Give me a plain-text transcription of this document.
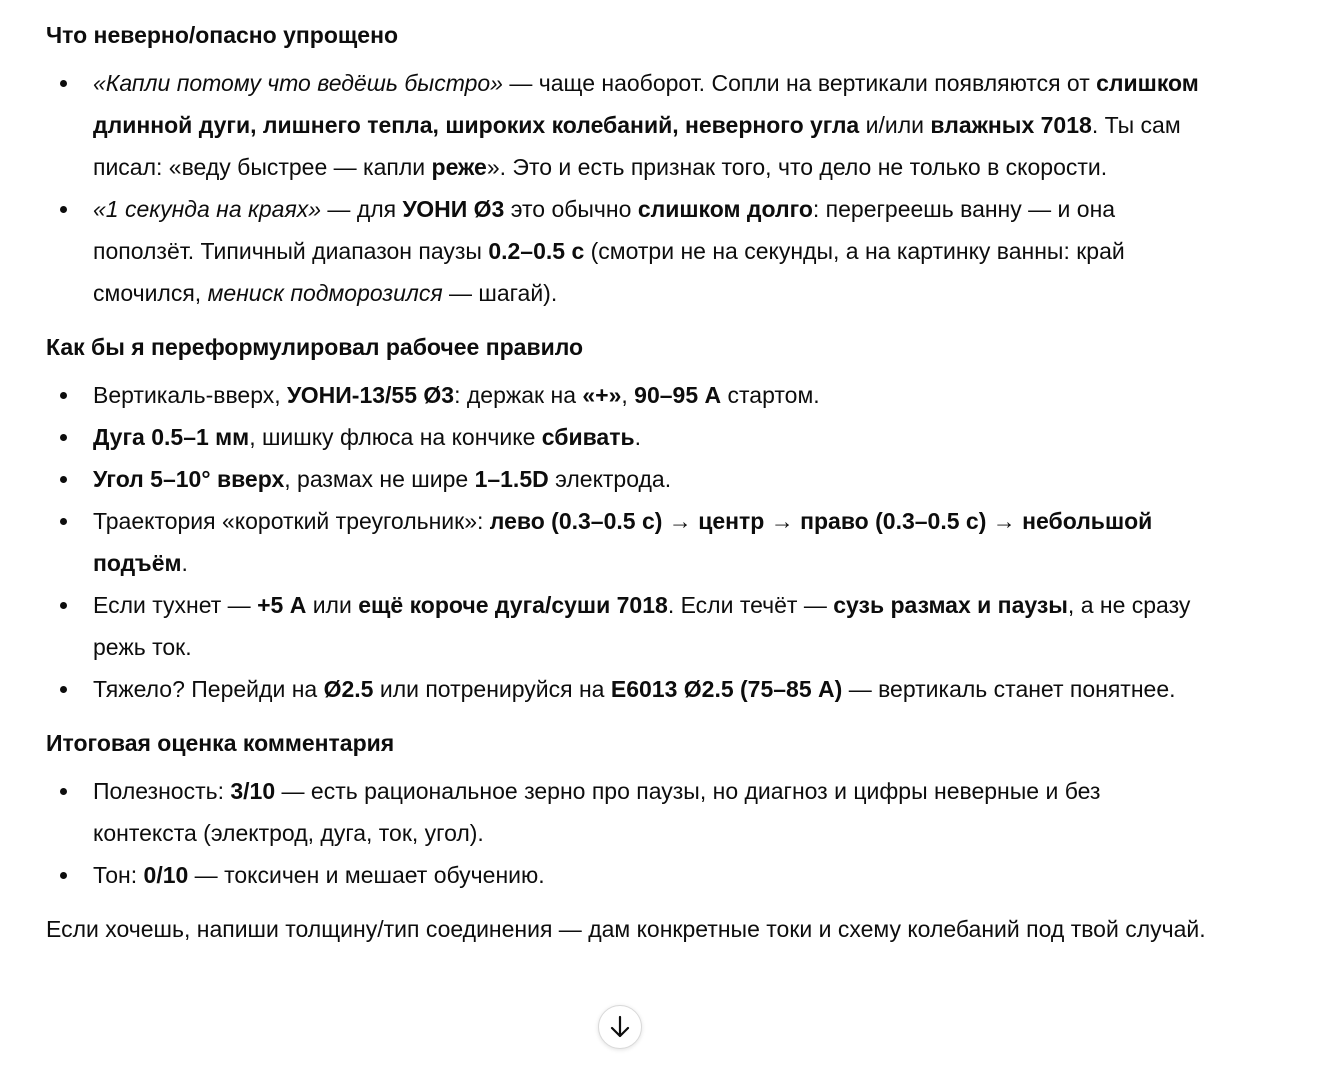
Что неверно/опасно упрощено
«Капли потому что ведёшь быстро» — чаще наоборот. Сопли на вертикали появляются от слишком длинной дуги, лишнего тепла, широких колебаний, неверного угла и/или влажных 7018. Ты сам писал: «веду быстрее — капли реже». Это и есть признак того, что дело не только в скорости.
«1 секунда на краях» — для УОНИ Ø3 это обычно слишком долго: перегреешь ванну — и она поползёт. Типичный диапазон паузы 0.2–0.5 с (смотри не на секунды, а на картинку ванны: край смочился, мениск подморозился — шагай).
Как бы я переформулировал рабочее правило
Вертикаль-вверх, УОНИ-13/55 Ø3: держак на «+», 90–95 А стартом.
Дуга 0.5–1 мм, шишку флюса на кончике сбивать.
Угол 5–10° вверх, размах не шире 1–1.5D электрода.
Траектория «короткий треугольник»: лево (0.3–0.5 с) → центр → право (0.3–0.5 с) → небольшой подъём.
Если тухнет — +5 А или ещё короче дуга/суши 7018. Если течёт — сузь размах и паузы, а не сразу режь ток.
Тяжело? Перейди на Ø2.5 или потренируйся на E6013 Ø2.5 (75–85 А) — вертикаль станет понятнее.
Итоговая оценка комментария
Полезность: 3/10 — есть рациональное зерно про паузы, но диагноз и цифры неверные и без контекста (электрод, дуга, ток, угол).
Тон: 0/10 — токсичен и мешает обучению.

Если хочешь, напиши толщину/тип соединения — дам конкретные токи и схему колебаний под твой случай.
